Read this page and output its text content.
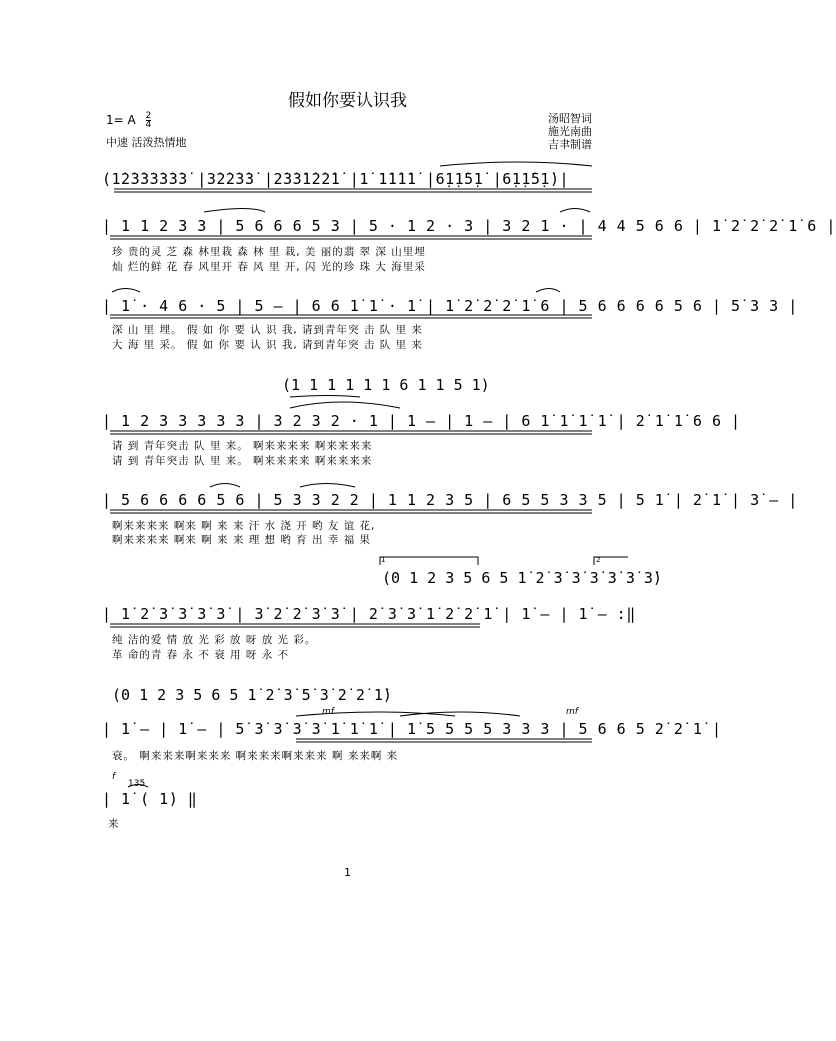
假如你要认识我
1= A $\frac{2}{4}$
中速 活泼热情地
汤昭智词
施光南曲
吉聿制谱
(1̇2̇3̇3̇3̇3̇3̇3̇ |3̇2̇2̇3̇3̇ |2̇3̇3̇1̇2̇2̇1̇ |1̇ 1̇1̇1̇1̇ |6̣1̣1̇5̣1̇ |6̣1̣1̇5̣1̇)|
| 1 1 2 3 3 | 5 6 6 6 5 3 | 5 · 1 2 · 3 | 3 2 1 · | 4 4 5 6 6 | 1̇ 2̇ 2̇ 2̇ 1̇ 6 |
珍 贵的灵 芝 森 林里栽 森 林 里 栽, 美 丽的翡 翠 深 山里埋
灿 烂的鲜 花 春 风里开 春 风 里 开, 闪 光的珍 珠 大 海里采
| 1̇ · 4 6 · 5 | 5 – | 6 6 1̇ 1̇ · 1̇ | 1̇ 2̇ 2̇ 2̇ 1̇ 6 | 5 6 6 6 6 5 6 | 5̇ 3 3 |
深 山 里 埋。 假 如 你 要 认 识 我, 请到青年突 击 队 里 来
大 海 里 采。 假 如 你 要 认 识 我, 请到青年突 击 队 里 来
(1 1 1 1 1 1 6 1 1 5 1)
| 1 2 3 3 3 3 3 | 3 2 3 2 · 1 | 1 – | 1 – | 6 1̇ 1̇ 1̇ 1̇ | 2̇ 1̇ 1̇ 6 6 |
请 到 青年突击 队 里 来。 啊来来来来 啊来来来来
请 到 青年突击 队 里 来。 啊来来来来 啊来来来来
| 5 6 6 6 6 5 6 | 5 3 3 2 2 | 1 1 2 3 5 | 6 5 5 3 3 5 | 5 1̇ | 2̇ 1̇ | 3̇ – |
啊来来来来 啊来 啊 来 来 汗 水 浇 开 哟 友 谊 花,
啊来来来来 啊来 啊 来 来 理 想 哟 育 出 幸 福 果
1	2
(0 1 2 3 5 6 5 1̇ 2̇ 3̇ 3̇ 3̇ 3̇ 3̇ 3̇)
| 1̇ 2̇ 3̇ 3̇ 3̇ 3̇ | 3̇ 2̇ 2̇ 3̇ 3̇ | 2̇ 3̇ 3̇ 1̇ 2̇ 2̇ 1̇ | 1̇ – | 1̇ – :‖
纯 洁的爱 情 放 光 彩 放 呀 放 光 彩。
革 命的青 春 永 不 衰 用 呀 永 不
(0 1 2 3 5 6 5 1̇ 2̇ 3̇ 5̇ 3̇ 2̇ 2̇ 1̇)
mf	mf
| 1̇ – | 1̇ – | 5̇ 3̇ 3̇ 3̇ 3̇ 1̇ 1̇ 1̇ | 1̇ 5 5 5 5 3 3 3 | 5 6 6 5 2̇ 2̇ 1̇ |
衰。 啊来来来啊来来来 啊来来来啊来来来 啊 来来啊 来
f
135
| 1̇ ( 1̇) ‖
来
1
